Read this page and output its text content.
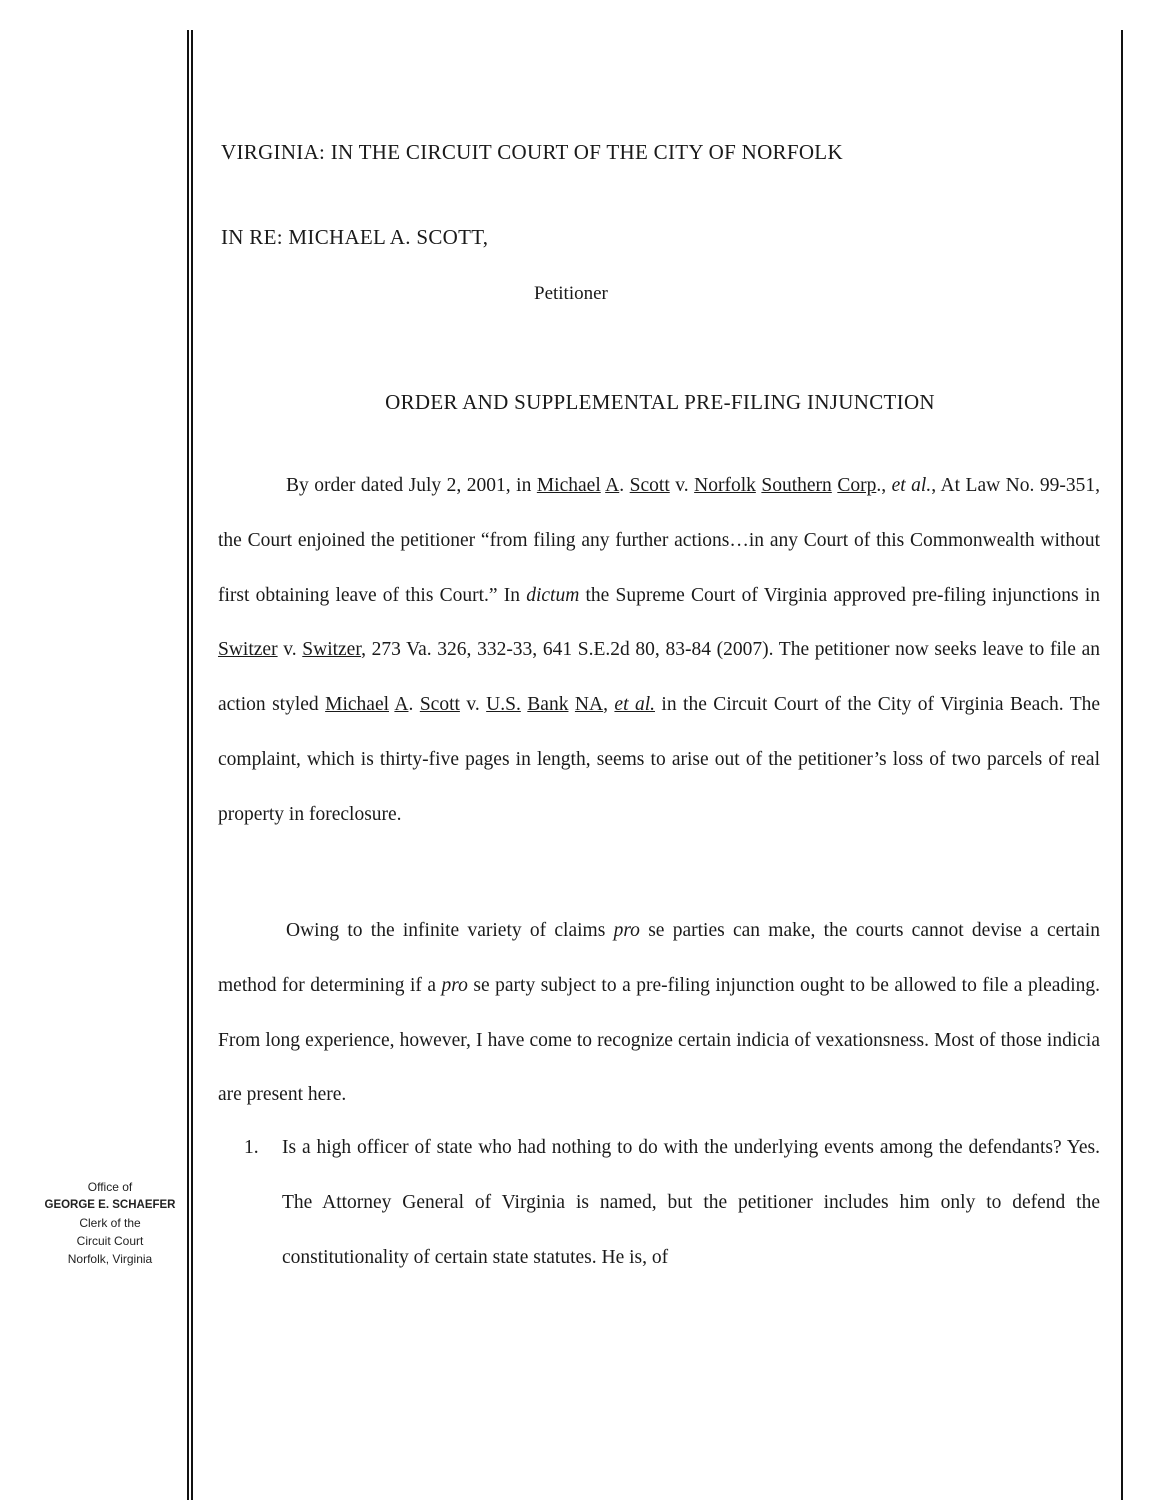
VIRGINIA: IN THE CIRCUIT COURT OF THE CITY OF NORFOLK
IN RE: MICHAEL A. SCOTT,
Petitioner
ORDER AND SUPPLEMENTAL PRE-FILING INJUNCTION

By order dated July 2, 2001, in Michael A. Scott v. Norfolk Southern Corp., et al., At Law No. 99-351, the Court enjoined the petitioner “from filing any further actions…in any Court of this Commonwealth without first obtaining leave of this Court.” In dictum the Supreme Court of Virginia approved pre-filing injunctions in Switzer v. Switzer, 273 Va. 326, 332-33, 641 S.E.2d 80, 83-84 (2007). The petitioner now seeks leave to file an action styled Michael A. Scott v. U.S. Bank NA, et al. in the Circuit Court of the City of Virginia Beach. The complaint, which is thirty-five pages in length, seems to arise out of the petitioner’s loss of two parcels of real property in foreclosure.

Owing to the infinite variety of claims pro se parties can make, the courts cannot devise a certain method for determining if a pro se party subject to a pre-filing injunction ought to be allowed to file a pleading. From long experience, however, I have come to recognize certain indicia of vexationsness. Most of those indicia are present here.

1. Is a high officer of state who had nothing to do with the underlying events among the defendants? Yes. The Attorney General of Virginia is named, but the petitioner includes him only to defend the constitutionality of certain state statutes. He is, of

Office of
GEORGE E. SCHAEFER
Clerk of the
Circuit Court
Norfolk, Virginia
